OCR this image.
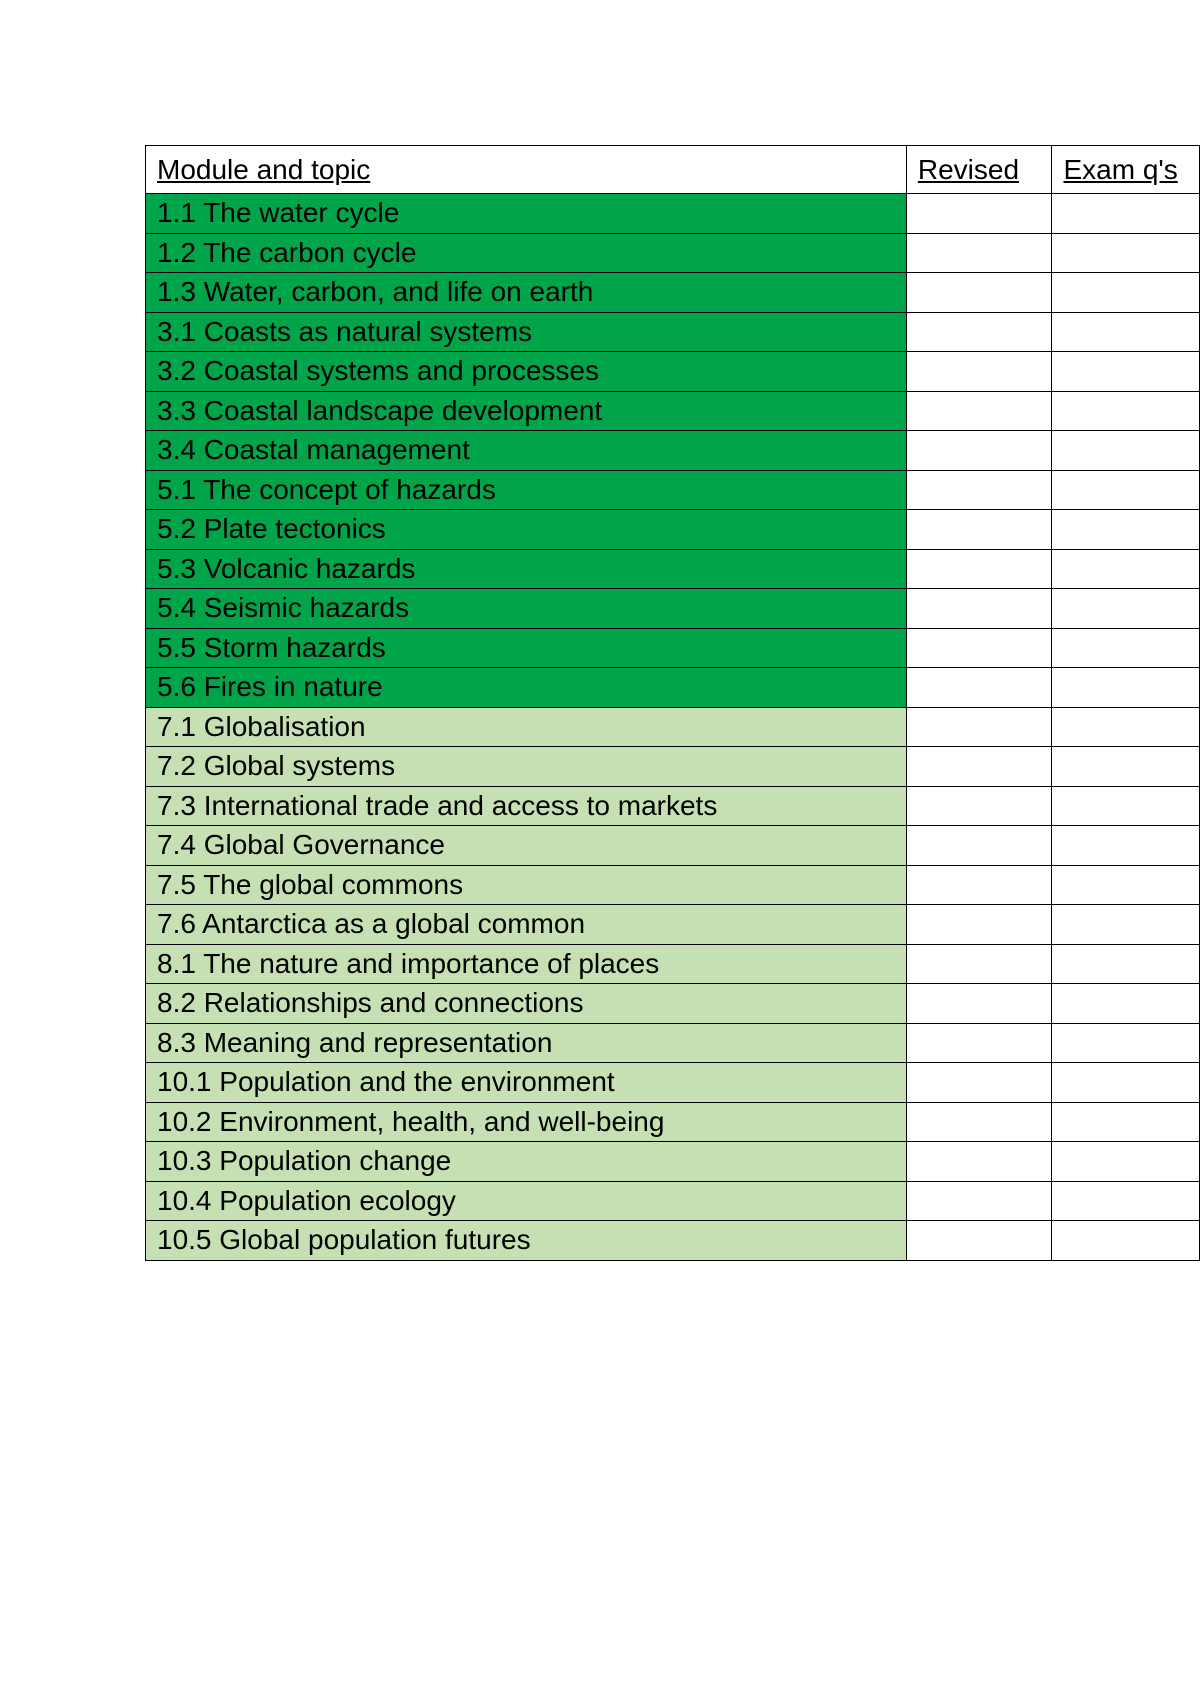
Module and topic	Revised	Exam q's
1.1 The water cycle		
1.2 The carbon cycle		
1.3 Water, carbon, and life on earth		
3.1 Coasts as natural systems		
3.2 Coastal systems and processes		
3.3 Coastal landscape development		
3.4 Coastal management		
5.1 The concept of hazards		
5.2 Plate tectonics		
5.3 Volcanic hazards		
5.4 Seismic hazards		
5.5 Storm hazards		
5.6 Fires in nature		
7.1 Globalisation		
7.2 Global systems		
7.3 International trade and access to markets		
7.4 Global Governance		
7.5 The global commons		
7.6 Antarctica as a global common		
8.1 The nature and importance of places		
8.2 Relationships and connections		
8.3 Meaning and representation		
10.1 Population and the environment		
10.2 Environment, health, and well-being		
10.3 Population change		
10.4 Population ecology		
10.5 Global population futures		
